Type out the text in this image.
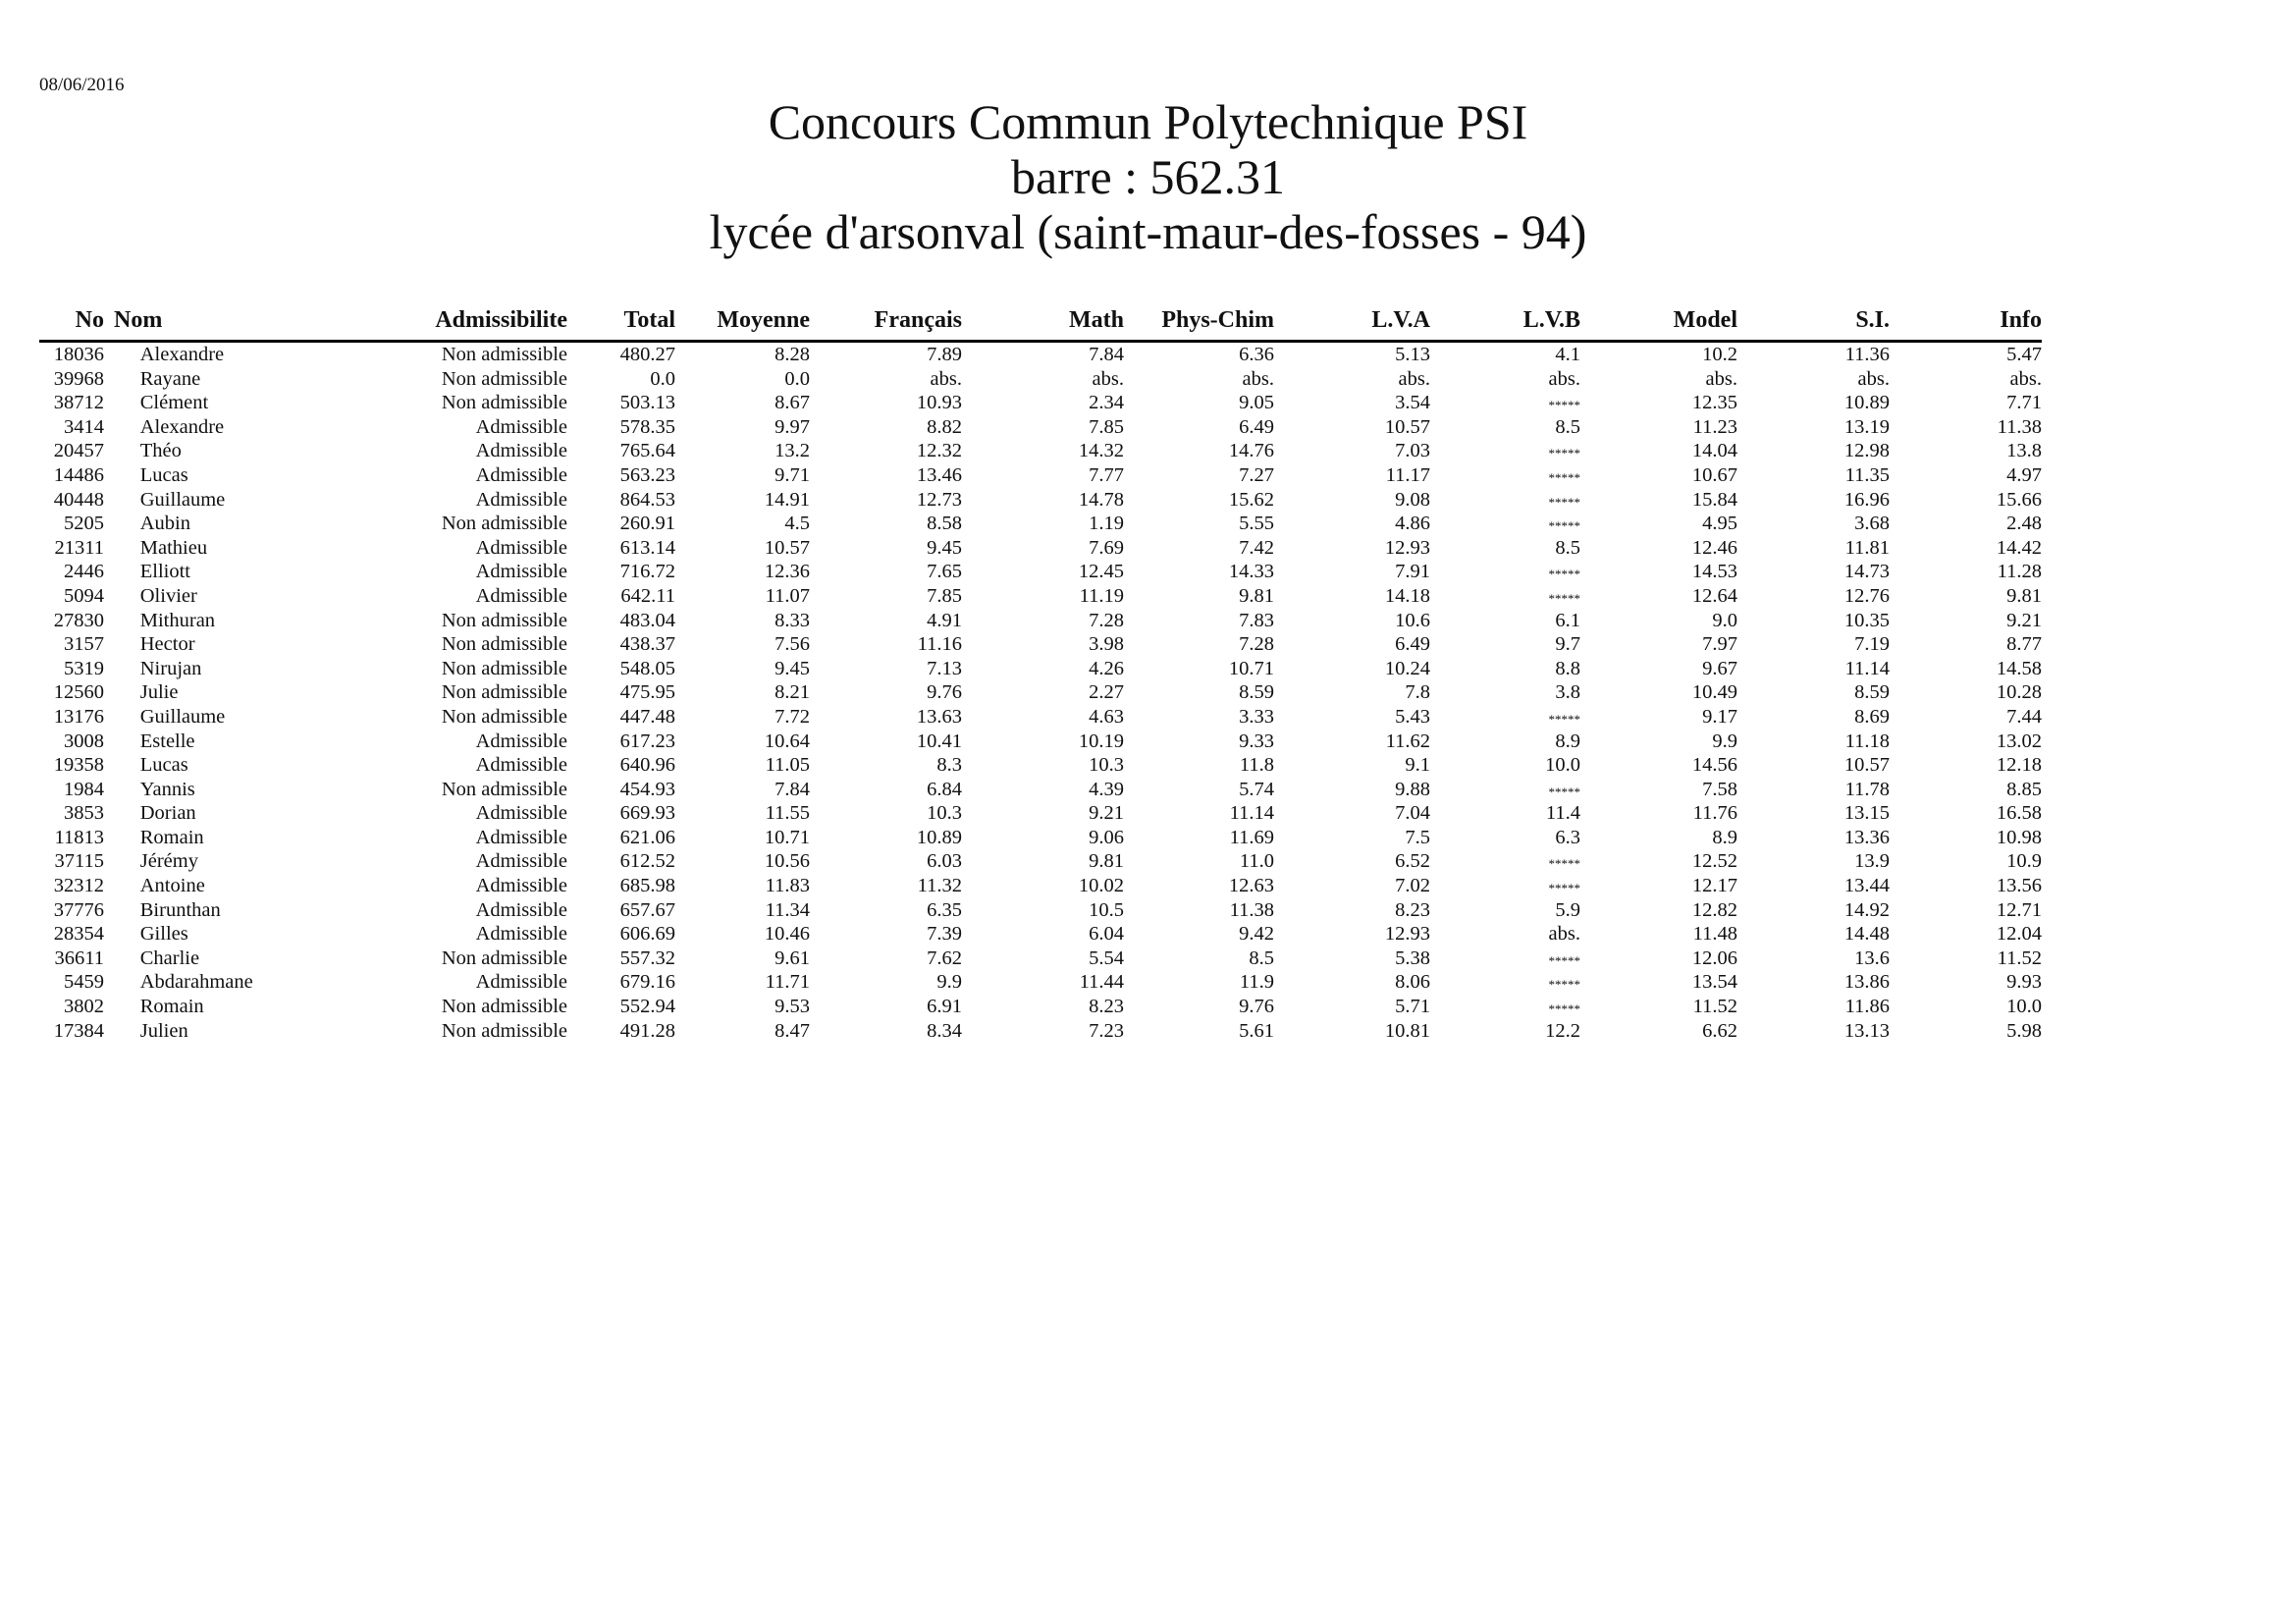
08/06/2016
Concours Commun Polytechnique PSI
barre : 562.31
lycée d'arsonval (saint-maur-des-fosses - 94)
No Nom	Admissibilite	Total	Moyenne	Français	Math	Phys-Chim	L.V.A	L.V.B	Model	S.I.	Info
18036	Alexandre	Non admissible	480.27	8.28	7.89	7.84	6.36	5.13	4.1	10.2	11.36	5.47
39968	Rayane	Non admissible	0.0	0.0	abs.	abs.	abs.	abs.	abs.	abs.	abs.	abs.
38712	Clément	Non admissible	503.13	8.67	10.93	2.34	9.05	3.54	*****	12.35	10.89	7.71
3414	Alexandre	Admissible	578.35	9.97	8.82	7.85	6.49	10.57	8.5	11.23	13.19	11.38
20457	Théo	Admissible	765.64	13.2	12.32	14.32	14.76	7.03	*****	14.04	12.98	13.8
14486	Lucas	Admissible	563.23	9.71	13.46	7.77	7.27	11.17	*****	10.67	11.35	4.97
40448	Guillaume	Admissible	864.53	14.91	12.73	14.78	15.62	9.08	*****	15.84	16.96	15.66
5205	Aubin	Non admissible	260.91	4.5	8.58	1.19	5.55	4.86	*****	4.95	3.68	2.48
21311	Mathieu	Admissible	613.14	10.57	9.45	7.69	7.42	12.93	8.5	12.46	11.81	14.42
2446	Elliott	Admissible	716.72	12.36	7.65	12.45	14.33	7.91	*****	14.53	14.73	11.28
5094	Olivier	Admissible	642.11	11.07	7.85	11.19	9.81	14.18	*****	12.64	12.76	9.81
27830	Mithuran	Non admissible	483.04	8.33	4.91	7.28	7.83	10.6	6.1	9.0	10.35	9.21
3157	Hector	Non admissible	438.37	7.56	11.16	3.98	7.28	6.49	9.7	7.97	7.19	8.77
5319	Nirujan	Non admissible	548.05	9.45	7.13	4.26	10.71	10.24	8.8	9.67	11.14	14.58
12560	Julie	Non admissible	475.95	8.21	9.76	2.27	8.59	7.8	3.8	10.49	8.59	10.28
13176	Guillaume	Non admissible	447.48	7.72	13.63	4.63	3.33	5.43	*****	9.17	8.69	7.44
3008	Estelle	Admissible	617.23	10.64	10.41	10.19	9.33	11.62	8.9	9.9	11.18	13.02
19358	Lucas	Admissible	640.96	11.05	8.3	10.3	11.8	9.1	10.0	14.56	10.57	12.18
1984	Yannis	Non admissible	454.93	7.84	6.84	4.39	5.74	9.88	*****	7.58	11.78	8.85
3853	Dorian	Admissible	669.93	11.55	10.3	9.21	11.14	7.04	11.4	11.76	13.15	16.58
11813	Romain	Admissible	621.06	10.71	10.89	9.06	11.69	7.5	6.3	8.9	13.36	10.98
37115	Jérémy	Admissible	612.52	10.56	6.03	9.81	11.0	6.52	*****	12.52	13.9	10.9
32312	Antoine	Admissible	685.98	11.83	11.32	10.02	12.63	7.02	*****	12.17	13.44	13.56
37776	Birunthan	Admissible	657.67	11.34	6.35	10.5	11.38	8.23	5.9	12.82	14.92	12.71
28354	Gilles	Admissible	606.69	10.46	7.39	6.04	9.42	12.93	abs.	11.48	14.48	12.04
36611	Charlie	Non admissible	557.32	9.61	7.62	5.54	8.5	5.38	*****	12.06	13.6	11.52
5459	Abdarahmane	Admissible	679.16	11.71	9.9	11.44	11.9	8.06	*****	13.54	13.86	9.93
3802	Romain	Non admissible	552.94	9.53	6.91	8.23	9.76	5.71	*****	11.52	11.86	10.0
17384	Julien	Non admissible	491.28	8.47	8.34	7.23	5.61	10.81	12.2	6.62	13.13	5.98
